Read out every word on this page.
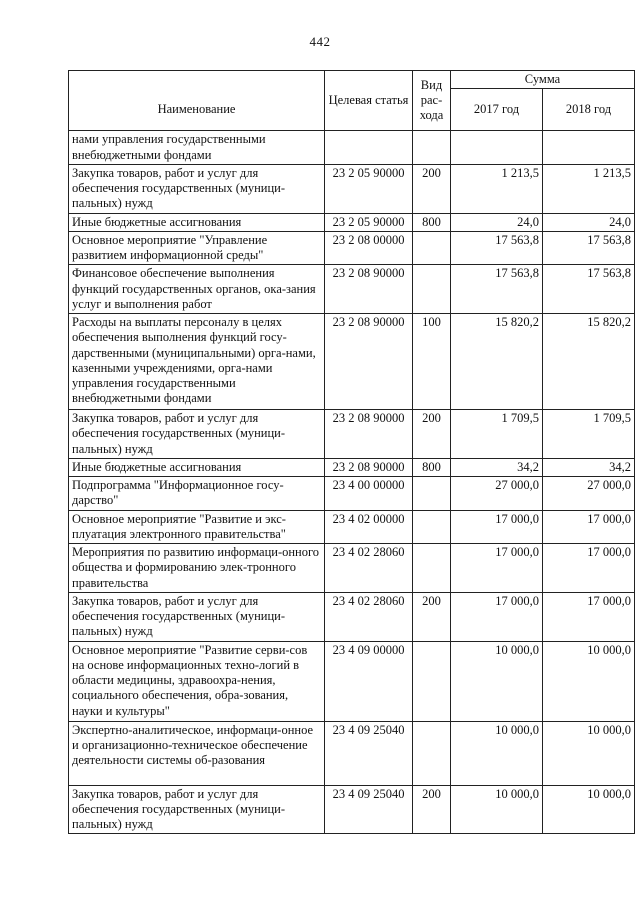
442
Наименование	Целевая статья	Вид рас-хода	Сумма	
			2017 год	2018 год
нами управления государственными внебюджетными фондами				
Закупка товаров, работ и услуг для обеспечения государственных (муници-пальных) нужд	23 2 05 90000	200	1 213,5	1 213,5
Иные бюджетные ассигнования	23 2 05 90000	800	24,0	24,0
Основное мероприятие "Управление развитием информационной среды"	23 2 08 00000		17 563,8	17 563,8
Финансовое обеспечение выполнения функций государственных органов, ока-зания услуг и выполнения работ	23 2 08 90000		17 563,8	17 563,8
Расходы на выплаты персоналу в целях обеспечения выполнения функций госу-дарственными (муниципальными) орга-нами, казенными учреждениями, орга-нами управления государственными внебюджетными фондами	23 2 08 90000	100	15 820,2	15 820,2
Закупка товаров, работ и услуг для обеспечения государственных (муници-пальных) нужд	23 2 08 90000	200	1 709,5	1 709,5
Иные бюджетные ассигнования	23 2 08 90000	800	34,2	34,2
Подпрограмма "Информационное госу-дарство"	23 4 00 00000		27 000,0	27 000,0
Основное мероприятие "Развитие и экс-плуатация электронного правительства"	23 4 02 00000		17 000,0	17 000,0
Мероприятия по развитию информаци-онного общества и формированию элек-тронного правительства	23 4 02 28060		17 000,0	17 000,0
Закупка товаров, работ и услуг для обеспечения государственных (муници-пальных) нужд	23 4 02 28060	200	17 000,0	17 000,0
Основное мероприятие "Развитие серви-сов на основе информационных техно-логий в области медицины, здравоохра-нения, социального обеспечения, обра-зования, науки и культуры"	23 4 09 00000		10 000,0	10 000,0
Экспертно-аналитическое, информаци-онное и организационно-техническое обеспечение деятельности системы об-разования	23 4 09 25040		10 000,0	10 000,0
Закупка товаров, работ и услуг для обеспечения государственных (муници-пальных) нужд	23 4 09 25040	200	10 000,0	10 000,0
